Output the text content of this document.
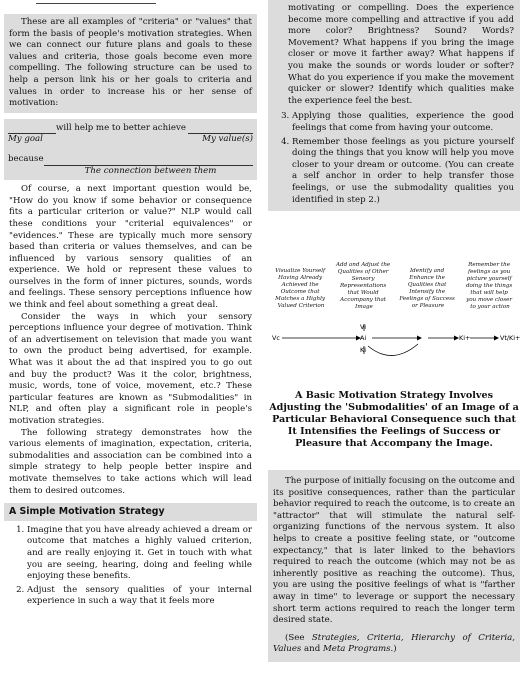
These are all examples of "criteria" or "values" that form the basis of people's motivation strategies. When we can connect our future plans and goals to these values and criteria, those goals become even more compelling. The following structure can be used to help a person link his or her goals to criteria and values in order to increase his or her sense of motivation:

will help me to better achieve
My goal	My value(s)
because
The connection between them

Of course, a next important question would be, "How do you know if some behavior or consequence fits a particular criterion or value?" NLP would call these conditions your "criterial equivalences" or "evidences." These are typically much more sensory based than criteria or values themselves, and can be influenced by various sensory qualities of an experience. We hold or represent these values to ourselves in the form of inner pictures, sounds, words and feelings. These sensory perceptions influence how we think and feel about something a great deal.

Consider the ways in which your sensory perceptions influence your degree of motivation. Think of an advertisement on television that made you want to own the product being advertised, for example. What was it about the ad that inspired you to go out and buy the product? Was it the color, brightness, music, words, tone of voice, movement, etc.? These particular features are known as "Submodalities" in NLP, and often play a significant role in people's motivation strategies.

The following strategy demonstrates how the various elements of imagination, expectation, criteria, submodalities and association can be combined into a simple strategy to help people better inspire and motivate themselves to take actions which will lead them to desired outcomes.

A Simple Motivation Strategy
1. Imagine that you have already achieved a dream or outcome that matches a highly valued criterion, and are really enjoying it. Get in touch with what you are seeing, hearing, doing and feeling while enjoying these benefits.
2. Adjust the sensory qualities of your internal experience in such a way that it feels more

motivating or compelling. Does the experience become more compelling and attractive if you add more color? Brightness? Sound? Words? Movement? What happens if you bring the image closer or move it farther away? What happens if you make the sounds or words louder or softer? What do you experience if you make the movement quicker or slower? Identify which qualities make the experience feel the best.

3. Applying those qualities, experience the good feelings that come from having your outcome.
4. Remember those feelings as you picture yourself doing the things that you know will help you move closer to your dream or outcome. (You can create a self anchor in order to help transfer those feelings, or use the submodality qualities you identified in step 2.)
Visualize Yourself Having Already Achieved the Outcome that Matches a Highly Valued Criterion
Add and Adjust the Qualities of Other Sensory Representations that Would Accompany that Image
Identify and Enhance the Qualities that Intensify the Feelings of Success or Pleasure
Remember the feelings as you picture yourself doing the things that will help you move closer to your action
Vc
Vi
Ai
Ki
Ki+	Vt/Ki+
A Basic Motivation Strategy Involves Adjusting the 'Submodalities' of an Image of a Particular Behavioral Consequence such that It Intensifies the Feelings of Success or Pleasure that Accompany the Image.

The purpose of initially focusing on the outcome and its positive consequences, rather than the particular behavior required to reach the outcome, is to create an "attractor" that will stimulate the natural self-organizing functions of the nervous system. It also helps to create a positive feeling state, or "outcome expectancy," that is later linked to the behaviors required to reach the outcome (which may not be as inherently positive as reaching the outcome). Thus, you are using the positive feelings of what is "farther away in time" to leverage or support the necessary short term actions required to reach the longer term desired state.

(See Strategies, Criteria, Hierarchy of Criteria, Values and Meta Programs.)
